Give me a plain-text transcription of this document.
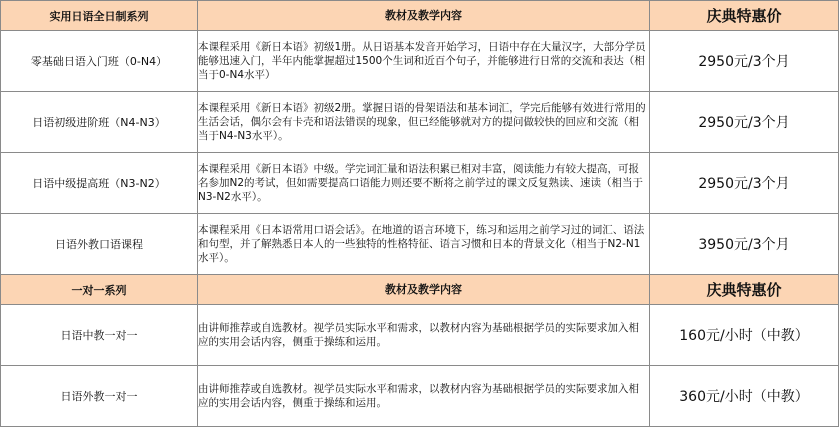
实用日语全日制系列	教材及教学内容	庆典特惠价
零基础日语入门班（0-N4）	本课程采用《新日本语》初级1册。从日语基本发音开始学习，日语中存在大量汉字，大部分学员能够迅速入门，半年内能掌握超过1500个生词和近百个句子，并能够进行日常的交流和表达（相当于0-N4水平）	2950元/3个月
日语初级进阶班（N4-N3）	本课程采用《新日本语》初级2册。掌握日语的骨架语法和基本词汇，学完后能够有效进行常用的生活会话，偶尔会有卡壳和语法错误的现象，但已经能够就对方的提问做较快的回应和交流（相当于N4-N3水平）。	2950元/3个月
日语中级提高班（N3-N2）	本课程采用《新日本语》中级。学完词汇量和语法积累已相对丰富，阅读能力有较大提高，可报名参加N2的考试，但如需要提高口语能力则还要不断将之前学过的课文反复熟读、速读（相当于N3-N2水平）。	2950元/3个月
日语外教口语课程	本课程采用《日本语常用口语会话》。在地道的语言环境下，练习和运用之前学习过的词汇、语法和句型，并了解熟悉日本人的一些独特的性格特征、语言习惯和日本的背景文化（相当于N2-N1水平）。	3950元/3个月
一对一系列	教材及教学内容	庆典特惠价
日语中教一对一	由讲师推荐或自选教材。视学员实际水平和需求，以教材内容为基础根据学员的实际要求加入相应的实用会话内容，侧重于操练和运用。	160元/小时（中教）
日语外教一对一	由讲师推荐或自选教材。视学员实际水平和需求，以教材内容为基础根据学员的实际要求加入相应的实用会话内容，侧重于操练和运用。	360元/小时（中教）
